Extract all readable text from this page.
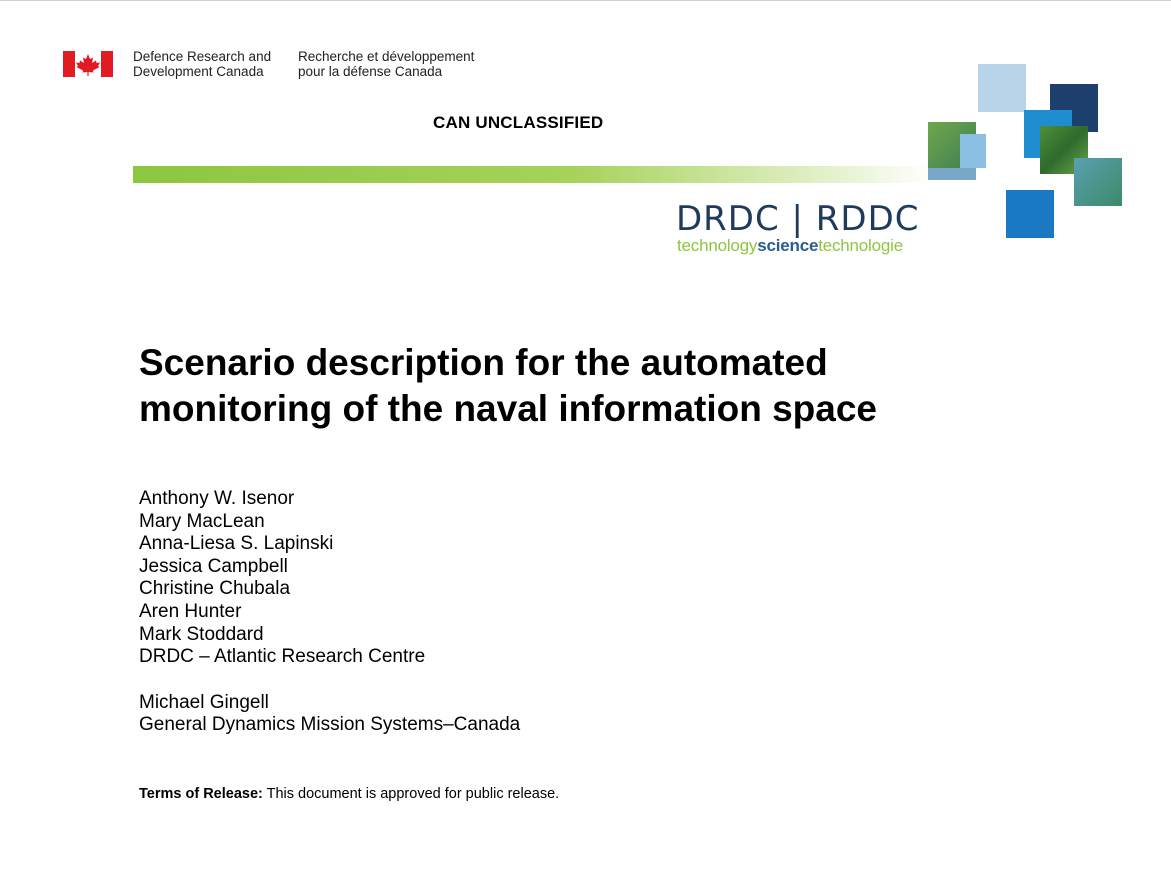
Defence Research and
Development Canada
Recherche et développement
pour la défense Canada
CAN UNCLASSIFIED
DRDC | RDDC
technologysciencetechnologie
Scenario description for the automated
monitoring of the naval information space
Anthony W. Isenor
Mary MacLean
Anna-Liesa S. Lapinski
Jessica Campbell
Christine Chubala
Aren Hunter
Mark Stoddard
DRDC – Atlantic Research Centre
Michael Gingell
General Dynamics Mission Systems–Canada
Terms of Release: This document is approved for public release.
